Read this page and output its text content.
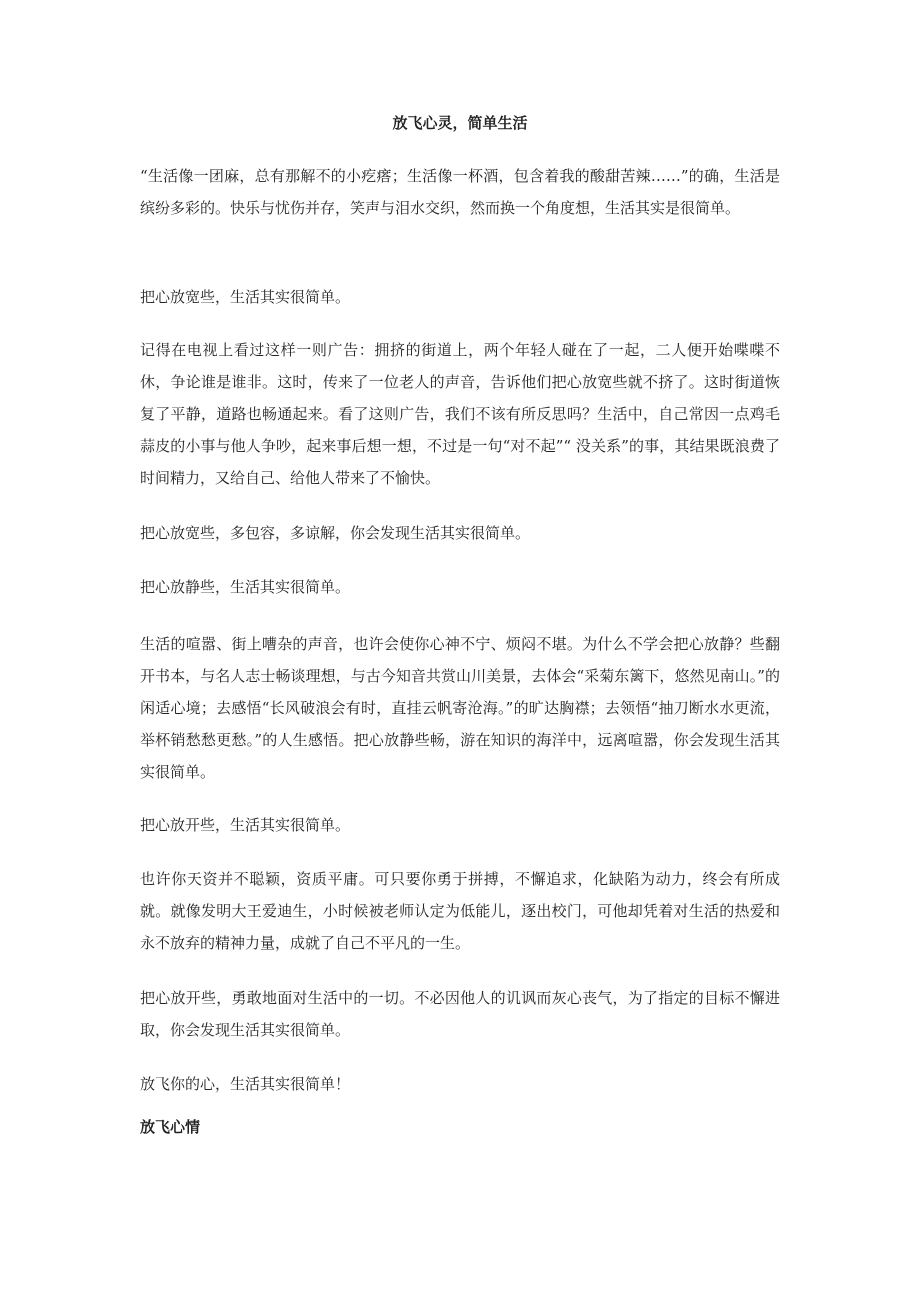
放飞心灵，简单生活

“生活像一团麻，总有那解不的小疙瘩；生活像一杯酒，包含着我的酸甜苦辣……”的确，生活是缤纷多彩的。快乐与忧伤并存，笑声与泪水交织，然而换一个角度想，生活其实是很简单。

把心放宽些，生活其实很简单。

记得在电视上看过这样一则广告：拥挤的街道上，两个年轻人碰在了一起，二人便开始喋喋不休，争论谁是谁非。这时，传来了一位老人的声音，告诉他们把心放宽些就不挤了。这时街道恢复了平静，道路也畅通起来。看了这则广告，我们不该有所反思吗？生活中，自己常因一点鸡毛蒜皮的小事与他人争吵，起来事后想一想，不过是一句“对不起”“ 没关系”的事，其结果既浪费了时间精力，又给自己、给他人带来了不愉快。

把心放宽些，多包容，多谅解，你会发现生活其实很简单。

把心放静些，生活其实很简单。

生活的喧嚣、街上嘈杂的声音，也许会使你心神不宁、烦闷不堪。为什么不学会把心放静？些翻开书本，与名人志士畅谈理想，与古今知音共赏山川美景，去体会“采菊东篱下，悠然见南山。”的闲适心境；去感悟“长风破浪会有时，直挂云帆寄沧海。”的旷达胸襟；去领悟“抽刀断水水更流，举杯销愁愁更愁。”的人生感悟。把心放静些畅，游在知识的海洋中，远离喧嚣，你会发现生活其实很简单。

把心放开些，生活其实很简单。

也许你天资并不聪颖，资质平庸。可只要你勇于拼搏，不懈追求，化缺陷为动力，终会有所成就。就像发明大王爱迪生，小时候被老师认定为低能儿，逐出校门，可他却凭着对生活的热爱和永不放弃的精神力量，成就了自己不平凡的一生。

把心放开些，勇敢地面对生活中的一切。不必因他人的讥讽而灰心丧气，为了指定的目标不懈进取，你会发现生活其实很简单。

放飞你的心，生活其实很简单！

放飞心情
